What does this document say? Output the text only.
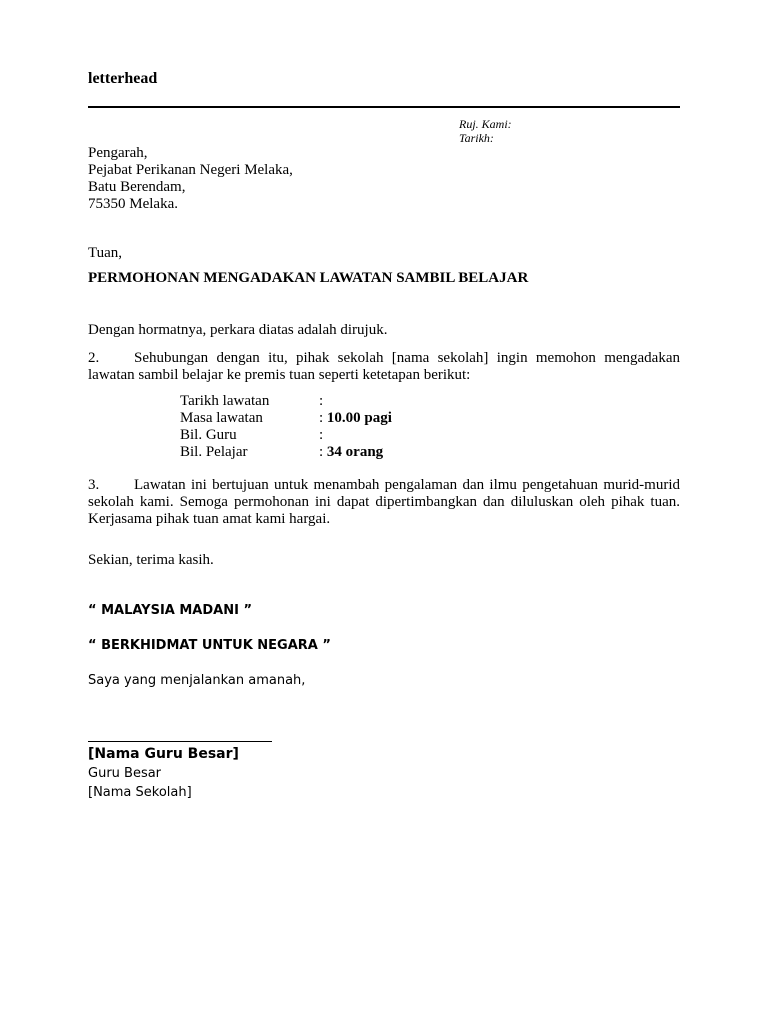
letterhead
Ruj. Kami:
Tarikh:
Pengarah,
Pejabat Perikanan Negeri Melaka,
Batu Berendam,
75350 Melaka.
Tuan,
PERMOHONAN MENGADAKAN LAWATAN SAMBIL BELAJAR
Dengan hormatnya, perkara diatas adalah dirujuk.
2. Sehubungan dengan itu, pihak sekolah [nama sekolah] ingin memohon mengadakan lawatan sambil belajar ke premis tuan seperti ketetapan berikut:
Tarikh lawatan	:
Masa lawatan	: 10.00 pagi
Bil. Guru	:
Bil. Pelajar	: 34 orang
3. Lawatan ini bertujuan untuk menambah pengalaman dan ilmu pengetahuan murid-murid sekolah kami. Semoga permohonan ini dapat dipertimbangkan dan diluluskan oleh pihak tuan. Kerjasama pihak tuan amat kami hargai.
Sekian, terima kasih.
“ MALAYSIA MADANI ”
“ BERKHIDMAT UNTUK NEGARA ”
Saya yang menjalankan amanah,
[Nama Guru Besar]
Guru Besar
[Nama Sekolah]
